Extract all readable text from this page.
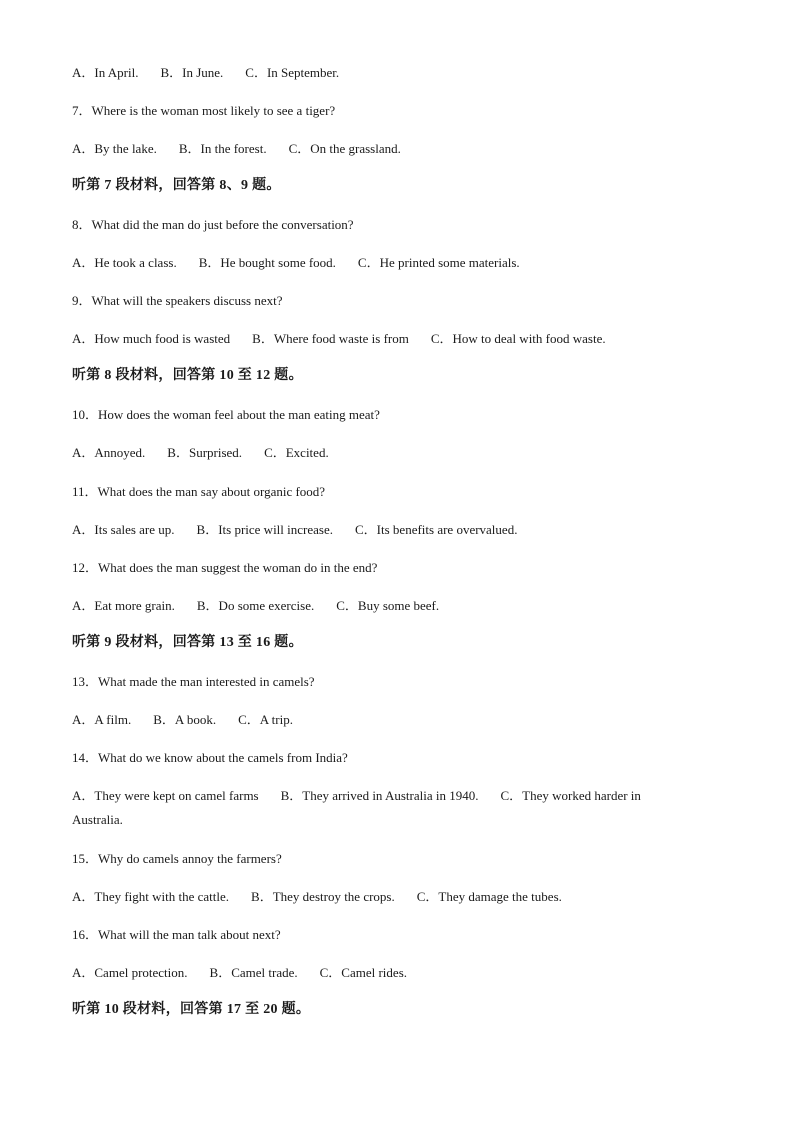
A．In April. B．In June. C．In September.
7．Where is the woman most likely to see a tiger?
A．By the lake. B．In the forest. C．On the grassland.
听第 7 段材料，回答第 8、9 题。
8．What did the man do just before the conversation?
A．He took a class. B．He bought some food. C．He printed some materials.
9．What will the speakers discuss next?
A．How much food is wasted B．Where food waste is from C．How to deal with food waste.
听第 8 段材料，回答第 10 至 12 题。
10．How does the woman feel about the man eating meat?
A．Annoyed. B．Surprised. C．Excited.
11．What does the man say about organic food?
A．Its sales are up. B．Its price will increase. C．Its benefits are overvalued.
12．What does the man suggest the woman do in the end?
A．Eat more grain. B．Do some exercise. C．Buy some beef.
听第 9 段材料，回答第 13 至 16 题。
13．What made the man interested in camels?
A．A film. B．A book. C．A trip.
14．What do we know about the camels from India?
A．They were kept on camel farms B．They arrived in Australia in 1940. C．They worked harder in Australia.
15．Why do camels annoy the farmers?
A．They fight with the cattle. B．They destroy the crops. C．They damage the tubes.
16．What will the man talk about next?
A．Camel protection. B．Camel trade. C．Camel rides.
听第 10 段材料，回答第 17 至 20 题。
